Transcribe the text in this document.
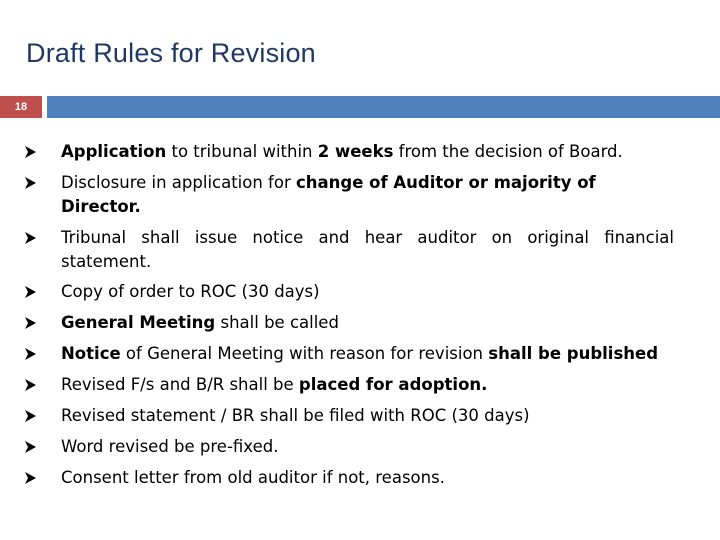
Draft Rules for Revision
18
Application to tribunal within 2 weeks from the decision of Board.
Disclosure in application for change of Auditor or majority of Director.
Tribunal shall issue notice and hear auditor on original financial statement.
Copy of order to ROC (30 days)
General Meeting shall be called
Notice of General Meeting with reason for revision shall be published
Revised F/s and B/R shall be placed for adoption.
Revised statement / BR shall be filed with ROC (30 days)
Word revised be pre-fixed.
Consent letter from old auditor if not, reasons.
